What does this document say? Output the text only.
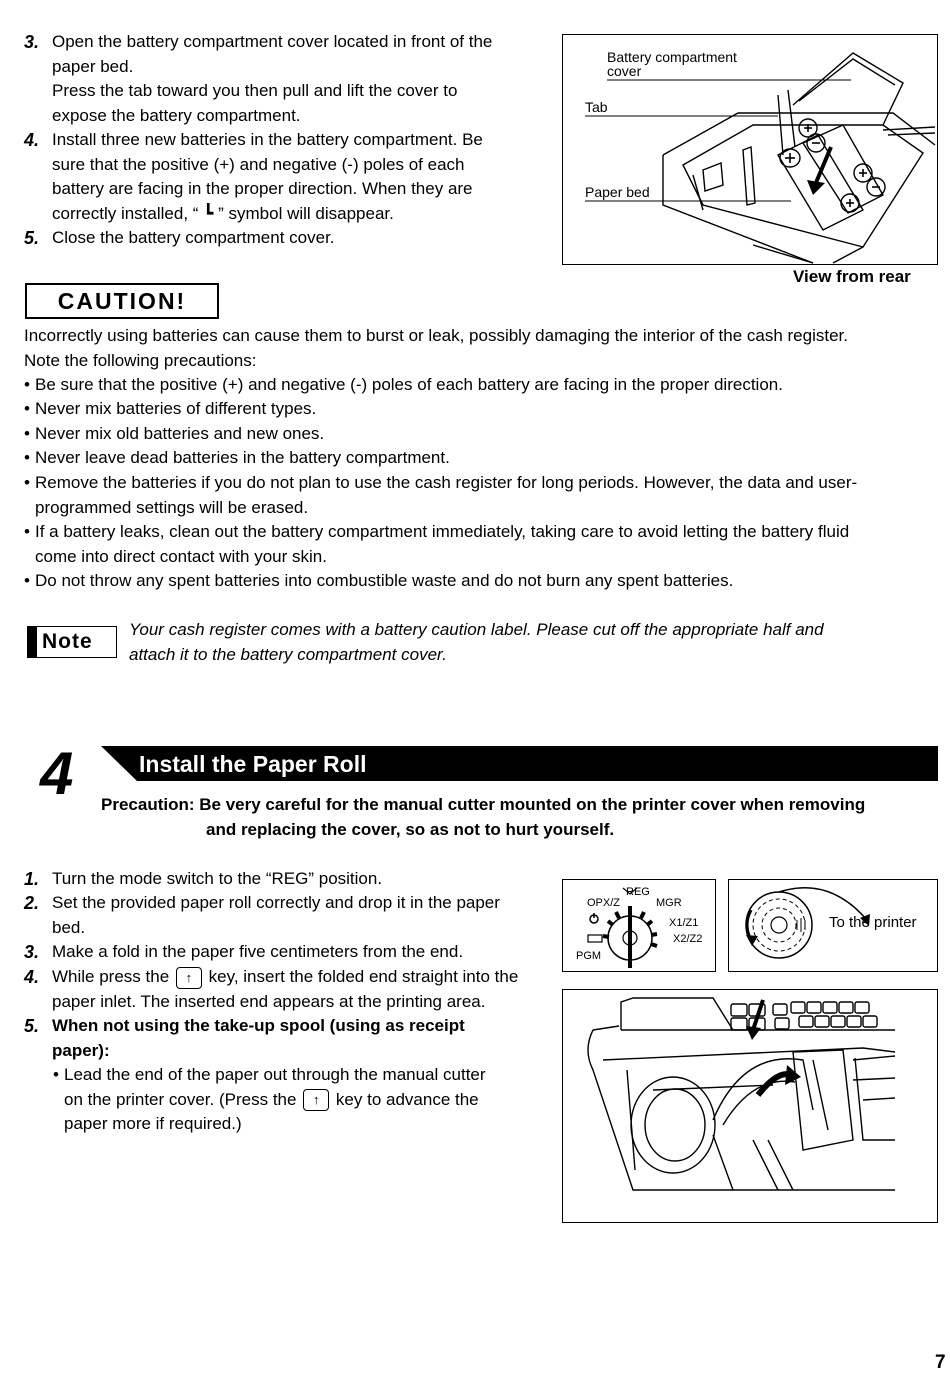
3. Open the battery compartment cover located in front of the
paper bed.
Press the tab toward you then pull and lift the cover to
expose the battery compartment.
4. Install three new batteries in the battery compartment. Be
sure that the positive (+) and negative (-) poles of each
battery are facing in the proper direction. When they are
correctly installed, “ ┗ ” symbol will disappear.
5. Close the battery compartment cover.
Battery compartment
cover
Tab
Paper bed
View from rear
CAUTION!
Incorrectly using batteries can cause them to burst or leak, possibly damaging the interior of the cash register.
Note the following precautions:
• Be sure that the positive (+) and negative (-) poles of each battery are facing in the proper direction.
• Never mix batteries of different types.
• Never mix old batteries and new ones.
• Never leave dead batteries in the battery compartment.
• Remove the batteries if you do not plan to use the cash register for long periods. However, the data and user-
programmed settings will be erased.
• If a battery leaks, clean out the battery compartment immediately, taking care to avoid letting the battery fluid
come into direct contact with your skin.
• Do not throw any spent batteries into combustible waste and do not burn any spent batteries.
Note
Your cash register comes with a battery caution label. Please cut off the appropriate half and
attach it to the battery compartment cover.
4	Install the Paper Roll
Precaution: Be very careful for the manual cutter mounted on the printer cover when removing
and replacing the cover, so as not to hurt yourself.
1. Turn the mode switch to the “REG” position.
2. Set the provided paper roll correctly and drop it in the paper
bed.
3. Make a fold in the paper five centimeters from the end.
4. While press the ↑ key, insert the folded end straight into the
paper inlet. The inserted end appears at the printing area.
5. When not using the take-up spool (using as receipt
paper):
• Lead the end of the paper out through the manual cutter
on the printer cover. (Press the ↑ key to advance the
paper more if required.)
REG
OPX/Z	MGR
X1/Z1
X2/Z2
PGM
To the printer
7
